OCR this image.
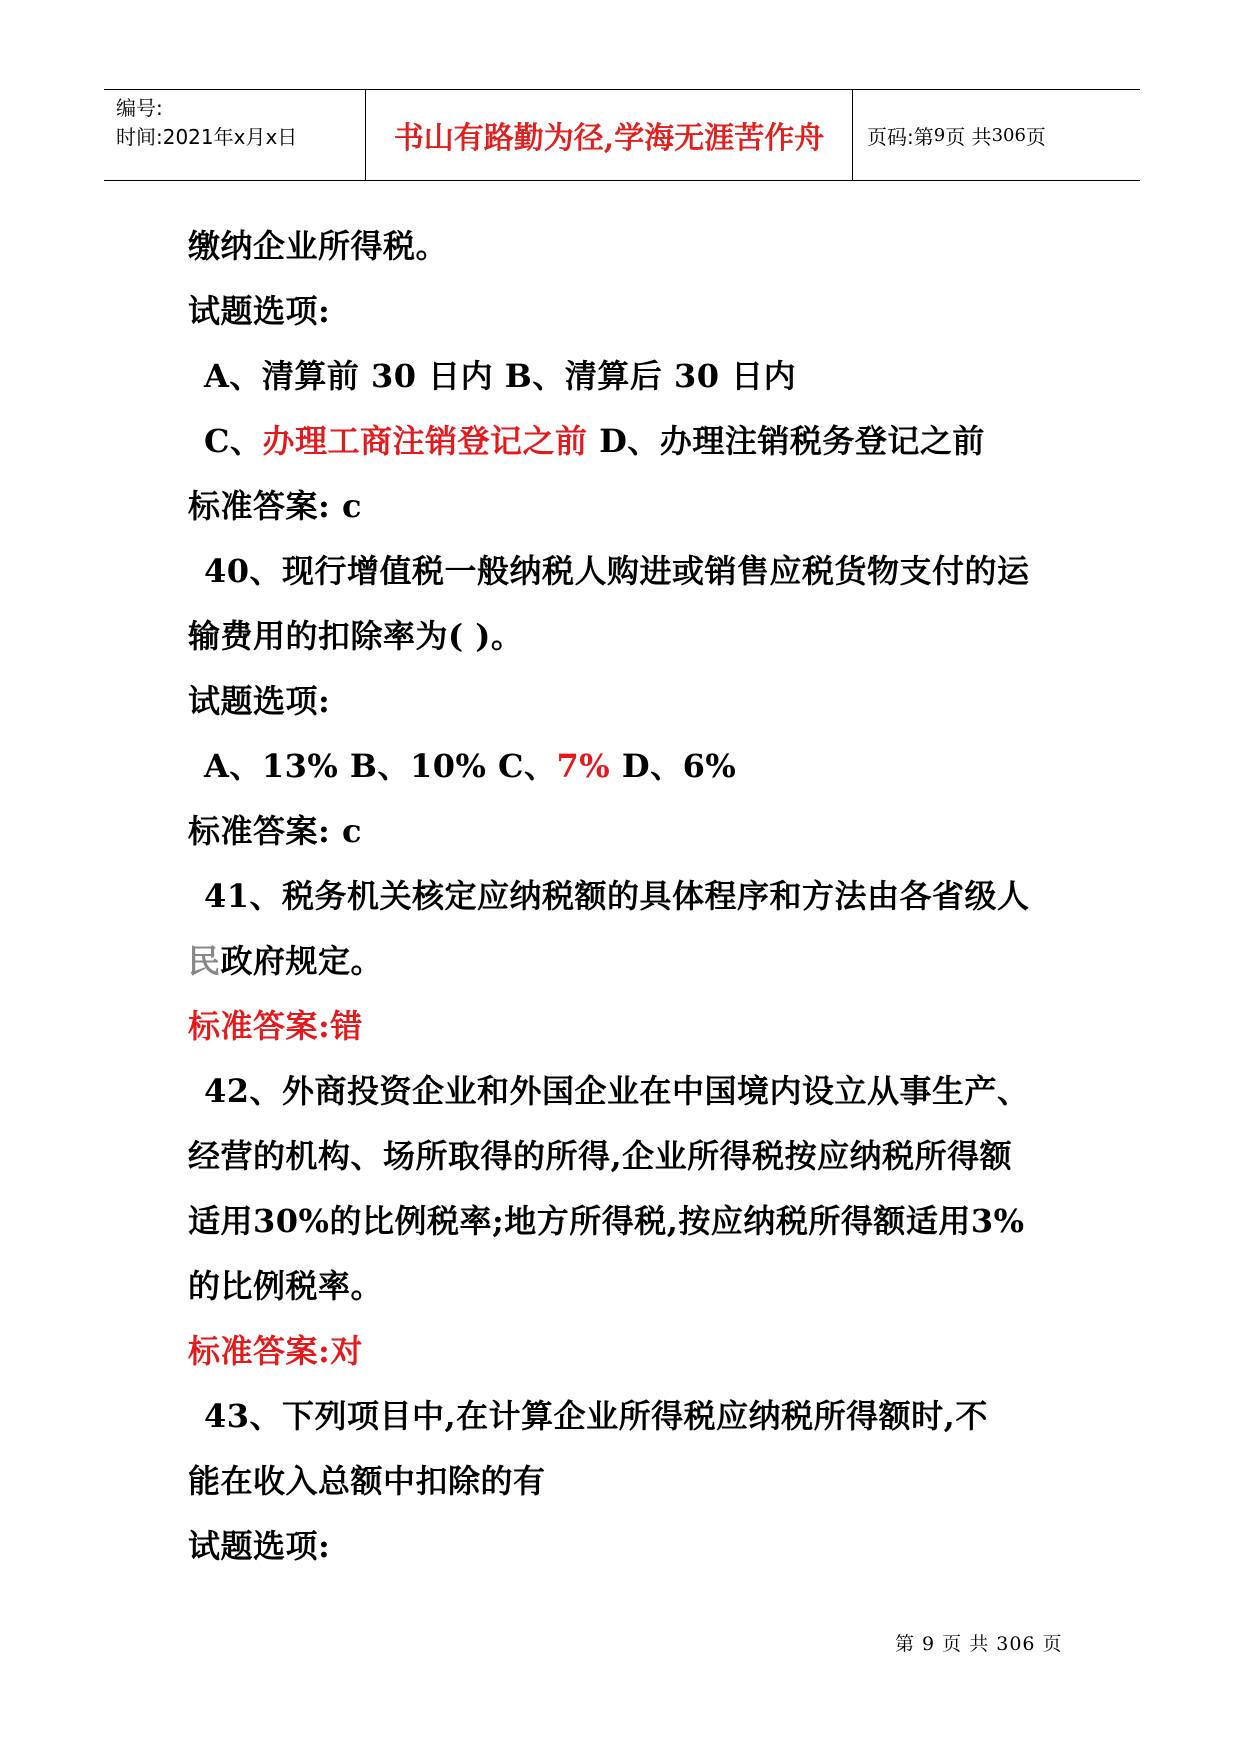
编号:
时间:2021年x月x日	书山有路勤为径,学海无涯苦作舟	页码:第 9 页 共 306 页
缴纳企业所得税。
试题选项:
A、清算前 30 日内 B、清算后 30 日内
C、办理工商注销登记之前 D、办理注销税务登记之前
标准答案: c
40、现行增值税一般纳税人购进或销售应税货物支付的运
输费用的扣除率为( )。
试题选项:
A、13% B、10% C、7% D、6%
标准答案: c
41、税务机关核定应纳税额的具体程序和方法由各省级人
民政府规定。
标准答案:错
42、外商投资企业和外国企业在中国境内设立从事生产、
经营的机构、场所取得的所得,企业所得税按应纳税所得额
适用30%的比例税率;地方所得税,按应纳税所得额适用3%
的比例税率。
标准答案:对
43、下列项目中,在计算企业所得税应纳税所得额时,不
能在收入总额中扣除的有
试题选项:
第 9 页 共 306 页
